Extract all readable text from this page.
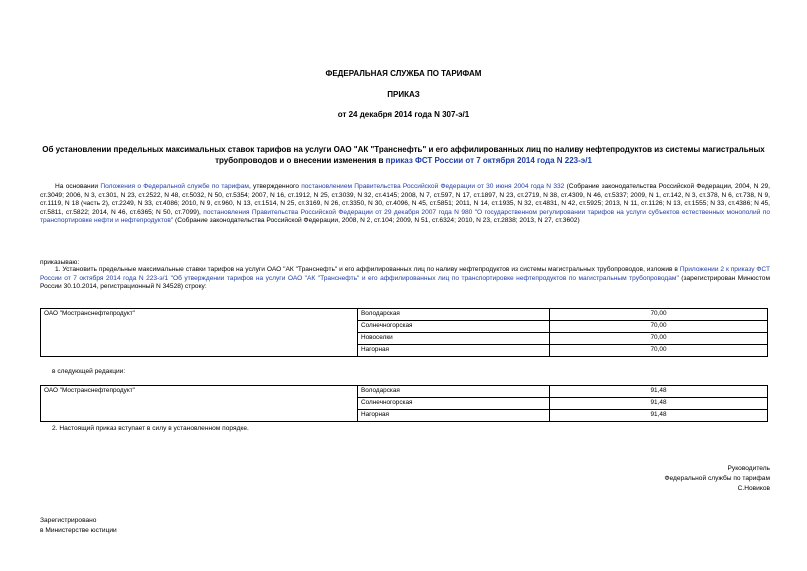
ФЕДЕРАЛЬНАЯ СЛУЖБА ПО ТАРИФАМ
ПРИКАЗ
от 24 декабря 2014 года N 307-э/1
Об установлении предельных максимальных ставок тарифов на услуги ОАО "АК "Транснефть" и его аффилированных лиц по наливу нефтепродуктов из системы магистральных трубопроводов и о внесении изменения в приказ ФСТ России от 7 октября 2014 года N 223-э/1
На основании Положения о Федеральной службе по тарифам, утвержденного постановлением Правительства Российской Федерации от 30 июня 2004 года N 332 (Собрание законодательства Российской Федерации, 2004, N 29, ст.3049; 2006, N 3, ст.301, N 23, ст.2522, N 48, ст.5032, N 50, ст.5354; 2007, N 16, ст.1912, N 25, ст.3039, N 32, ст.4145; 2008, N 7, ст.597, N 17, ст.1897, N 23, ст.2719, N 38, ст.4309, N 46, ст.5337; 2009, N 1, ст.142, N 3, ст.378, N 6, ст.738, N 9, ст.1119, N 18 (часть 2), ст.2249, N 33, ст.4086; 2010, N 9, ст.960, N 13, ст.1514, N 25, ст.3169, N 26, ст.3350, N 30, ст.4096, N 45, ст.5851; 2011, N 14, ст.1935, N 32, ст.4831, N 42, ст.5925; 2013, N 11, ст.1126; N 13, ст.1555; N 33, ст.4386; N 45, ст.5811, ст.5822; 2014, N 46, ст.6365; N 50, ст.7099), постановления Правительства Российской Федерации от 29 декабря 2007 года N 980 "О государственном регулировании тарифов на услуги субъектов естественных монополий по транспортировке нефти и нефтепродуктов" (Собрание законодательства Российской Федерации, 2008, N 2, ст.104; 2009, N 51, ст.6324; 2010, N 23, ст.2838; 2013, N 27, ст.3602)
приказываю:
1. Установить предельные максимальные ставки тарифов на услуги ОАО "АК "Транснефть" и его аффилированных лиц по наливу нефтепродуктов из системы магистральных трубопроводов, изложив в Приложении 2 к приказу ФСТ России от 7 октября 2014 года N 223-э/1 "Об утверждении тарифов на услуги ОАО "АК "Транснефть" и его аффилированных лиц по транспортировке нефтепродуктов по магистральным трубопроводам" (зарегистрирован Минюстом России 30.10.2014, регистрационный N 34528) строку:
ОАО "Мостранснефтепродукт"	Володарская	70,00
	Солнечногорская	70,00
	Новоселки	70,00
	Нагорная	70,00
в следующей редакции:
ОАО "Мостранснефтепродукт"	Володарская	91,48
	Солнечногорская	91,48
	Нагорная	91,48
2. Настоящий приказ вступает в силу в установленном порядке.
Руководитель
Федеральной службы по тарифам
С.Новиков
Зарегистрировано
в Министерстве юстиции
